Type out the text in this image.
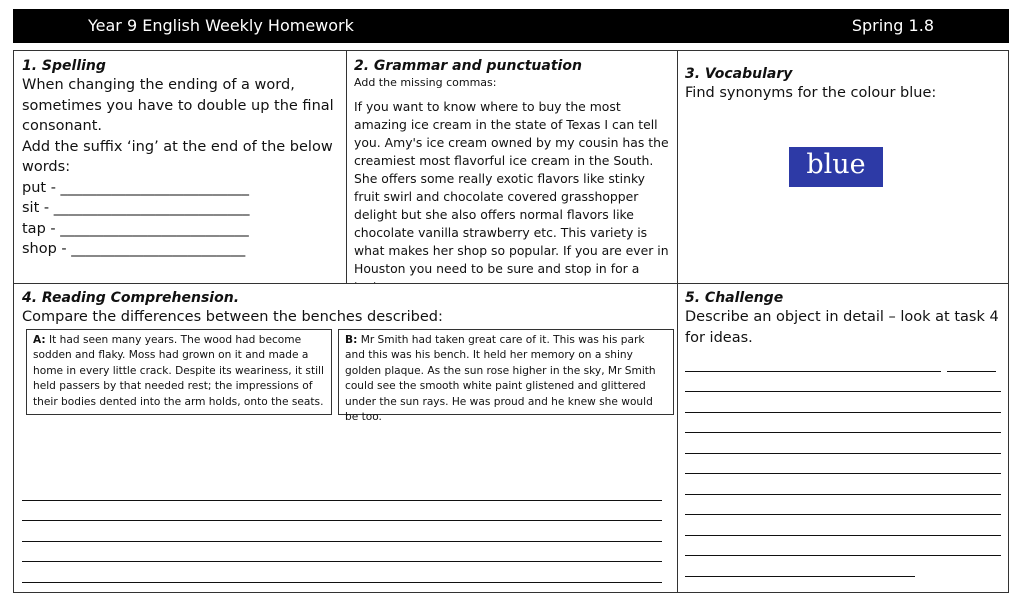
Year 9 English Weekly Homework	Spring 1.8
1. Spelling
When changing the ending of a word, sometimes you have to double up the final consonant.
Add the suffix ‘ing’ at the end of the below words:
put - __________________________
sit - ___________________________
tap - __________________________
shop - ________________________
2. Grammar and punctuation
Add the missing commas:
If you want to know where to buy the most amazing ice cream in the state of Texas I can tell you. Amy's ice cream owned by my cousin has the creamiest most flavorful ice cream in the South. She offers some really exotic flavors like stinky fruit swirl and chocolate covered grasshopper delight but she also offers normal flavors like chocolate vanilla strawberry etc. This variety is what makes her shop so popular. If you are ever in Houston you need to be sure and stop in for a
3. Vocabulary
Find synonyms for the colour blue:
blue
4. Reading Comprehension.
Compare the differences between the benches described:
A: It had seen many years. The wood had become sodden and flaky. Moss had grown on it and made a home in every little crack. Despite its weariness, it still held passers by that needed rest; the impressions of their bodies dented into the arm holds, onto the seats.
B: Mr Smith had taken great care of it. This was his park and this was his bench. It held her memory on a shiny golden plaque. As the sun rose higher in the sky, Mr Smith could see the smooth white paint glistened and glittered under the sun rays. He was proud and he knew she would be too.
5. Challenge
Describe an object in detail – look at task 4 for ideas.
